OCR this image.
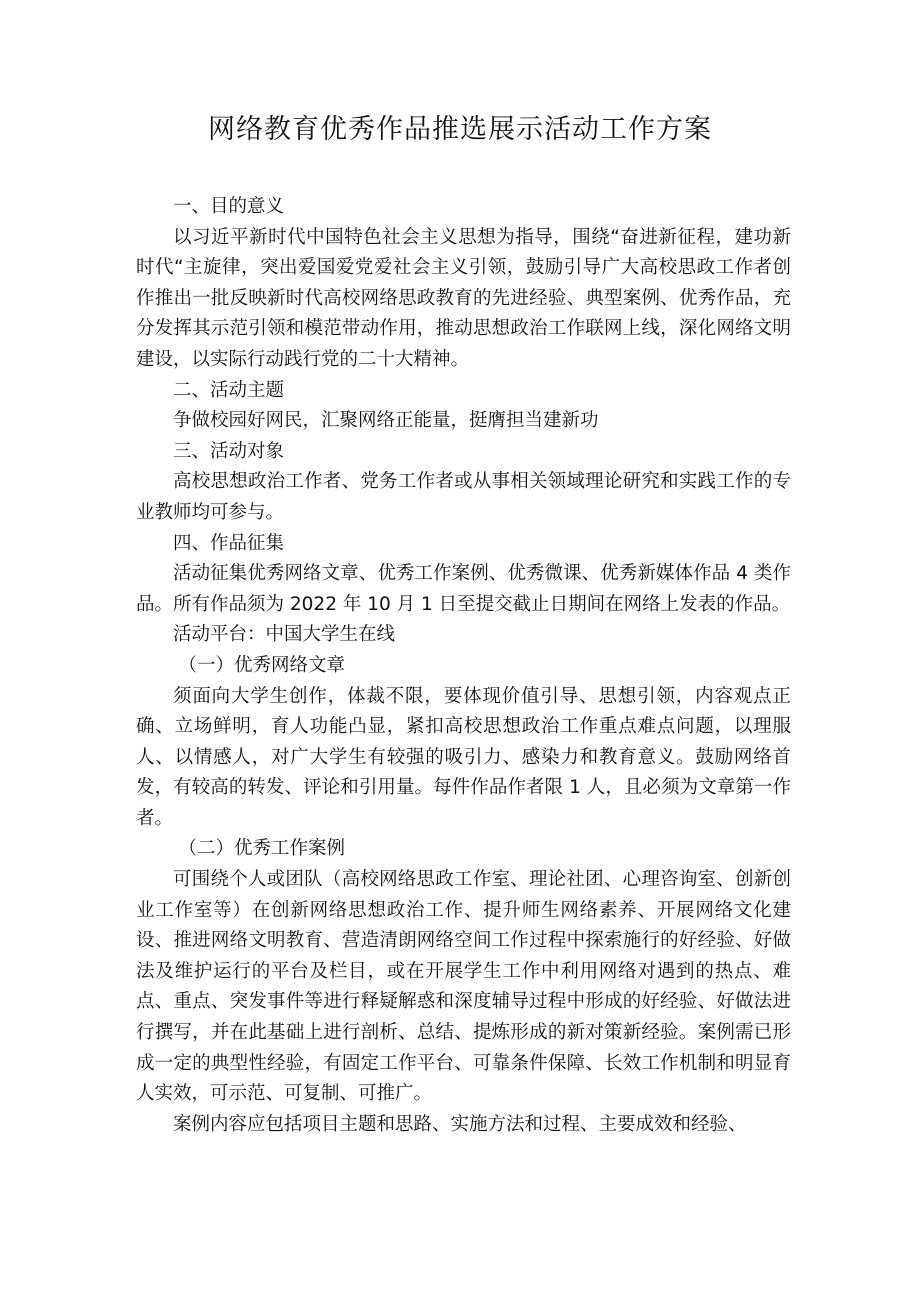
网络教育优秀作品推选展示活动工作方案

一、目的意义

以习近平新时代中国特色社会主义思想为指导，围绕“奋进新征程，建功新时代“主旋律，突出爱国爱党爱社会主义引领，鼓励引导广大高校思政工作者创作推出一批反映新时代高校网络思政教育的先进经验、典型案例、优秀作品，充分发挥其示范引领和模范带动作用，推动思想政治工作联网上线，深化网络文明建设，以实际行动践行党的二十大精神。

二、活动主题

争做校园好网民，汇聚网络正能量，挺膺担当建新功

三、活动对象

高校思想政治工作者、党务工作者或从事相关领域理论研究和实践工作的专业教师均可参与。

四、作品征集

活动征集优秀网络文章、优秀工作案例、优秀微课、优秀新媒体作品 4 类作品。所有作品须为 2022 年 10 月 1 日至提交截止日期间在网络上发表的作品。

活动平台：中国大学生在线

（一）优秀网络文章

须面向大学生创作，体裁不限，要体现价值引导、思想引领，内容观点正确、立场鲜明，育人功能凸显，紧扣高校思想政治工作重点难点问题，以理服人、以情感人，对广大学生有较强的吸引力、感染力和教育意义。鼓励网络首发，有较高的转发、评论和引用量。每件作品作者限 1 人，且必须为文章第一作者。

（二）优秀工作案例

可围绕个人或团队（高校网络思政工作室、理论社团、心理咨询室、创新创业工作室等）在创新网络思想政治工作、提升师生网络素养、开展网络文化建设、推进网络文明教育、营造清朗网络空间工作过程中探索施行的好经验、好做法及维护运行的平台及栏目，或在开展学生工作中利用网络对遇到的热点、难点、重点、突发事件等进行释疑解惑和深度辅导过程中形成的好经验、好做法进行撰写，并在此基础上进行剖析、总结、提炼形成的新对策新经验。案例需已形成一定的典型性经验，有固定工作平台、可靠条件保障、长效工作机制和明显育人实效，可示范、可复制、可推广。

案例内容应包括项目主题和思路、实施方法和过程、主要成效和经验、
